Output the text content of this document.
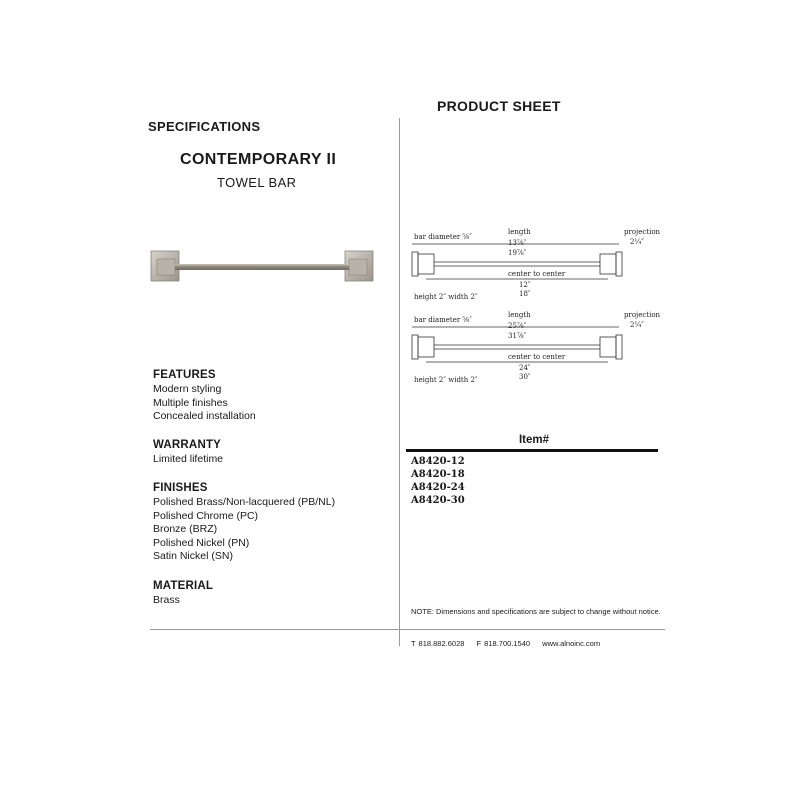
PRODUCT SHEET
SPECIFICATIONS
CONTEMPORARY II
TOWEL BAR
FEATURES
Modern styling
Multiple finishes
Concealed installation
WARRANTY
Limited lifetime
FINISHES
Polished Brass/Non-lacquered (PB/NL)
Polished Chrome (PC)
Bronze (BRZ)
Polished Nickel (PN)
Satin Nickel (SN)
MATERIAL
Brass
bar diameter ⅝″
length
13⅞″
19⅞″
projection
2¼″
center to center
12″
18″
height 2″ width 2″
bar diameter ⅝″
length
25⅞″
31⅞″
projection
2¼″
center to center
24″
30″
height 2″ width 2″
Item#
A8420-12
A8420-18
A8420-24
A8420-30
NOTE: Dimensions and specifications are subject to change without notice.
T 818.882.6028 F 818.700.1540 www.alnoinc.com
